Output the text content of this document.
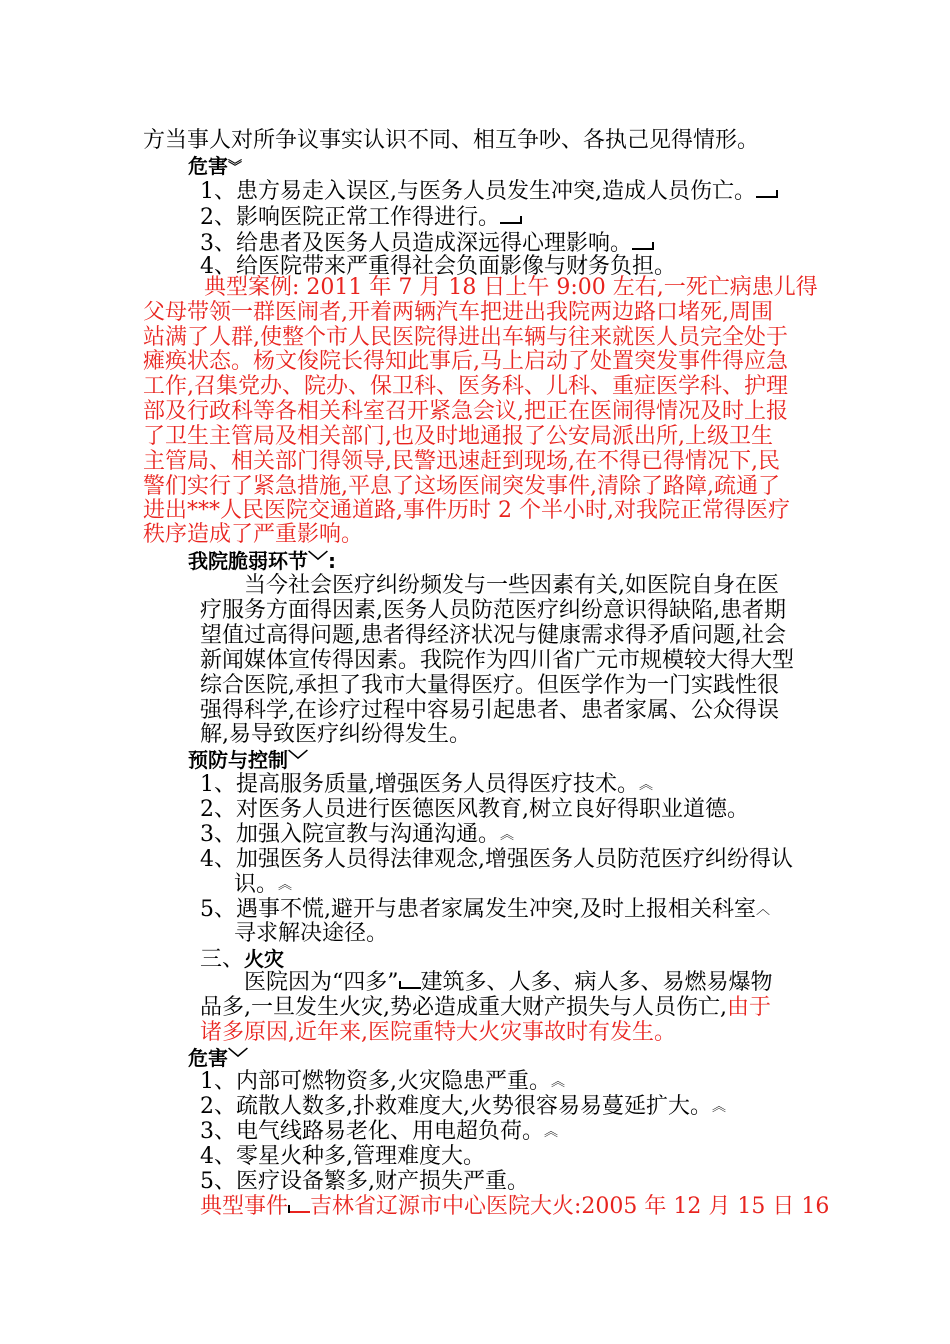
方当事人对所争议事实认识不同、相互争吵、各执己见得情形。
危害︾
1、患方易走入误区,与医务人员发生冲突,造成人员伤亡。
2、影响医院正常工作得进行。
3、给患者及医务人员造成深远得心理影响。
4、给医院带来严重得社会负面影像与财务负担。
典型案例: 2011 年 7 月 18 日上午 9:00 左右,一死亡病患儿得
父母带领一群医闹者,开着两辆汽车把进出我院两边路口堵死,周围
站满了人群,使整个市人民医院得进出车辆与往来就医人员完全处于
瘫痪状态。杨文俊院长得知此事后,马上启动了处置突发事件得应急
工作,召集党办、院办、保卫科、医务科、儿科、重症医学科、护理
部及行政科等各相关科室召开紧急会议,把正在医闹得情况及时上报
了卫生主管局及相关部门,也及时地通报了公安局派出所,上级卫生
主管局、相关部门得领导,民警迅速赶到现场,在不得已得情况下,民
警们实行了紧急措施,平息了这场医闹突发事件,清除了路障,疏通了
进出***人民医院交通道路,事件历时 2 个半小时,对我院正常得医疗
秩序造成了严重影响。
我院脆弱环节﹀:
当今社会医疗纠纷频发与一些因素有关,如医院自身在医
疗服务方面得因素,医务人员防范医疗纠纷意识得缺陷,患者期
望值过高得问题,患者得经济状况与健康需求得矛盾问题,社会
新闻媒体宣传得因素。我院作为四川省广元市规模较大得大型
综合医院,承担了我市大量得医疗。但医学作为一门实践性很
强得科学,在诊疗过程中容易引起患者、患者家属、公众得误
解,易导致医疗纠纷得发生。
预防与控制﹀
1、提高服务质量,增强医务人员得医疗技术。︽
2、对医务人员进行医德医风教育,树立良好得职业道德。
3、加强入院宣教与沟通沟通。︽
4、加强医务人员得法律观念,增强医务人员防范医疗纠纷得认
识。︽
5、遇事不慌,避开与患者家属发生冲突,及时上报相关科室︿
寻求解决途径。
三、火灾
医院因为“四多” 建筑多、人多、病人多、易燃易爆物
品多,一旦发生火灾,势必造成重大财产损失与人员伤亡,由于
诸多原因,近年来,医院重特大火灾事故时有发生。
危害﹀
1、内部可燃物资多,火灾隐患严重。︽
2、疏散人数多,扑救难度大,火势很容易易蔓延扩大。︽
3、电气线路易老化、用电超负荷。︽
4、零星火种多,管理难度大。
5、医疗设备繁多,财产损失严重。
典型事件 吉林省辽源市中心医院大火:2005 年 12 月 15 日 16
